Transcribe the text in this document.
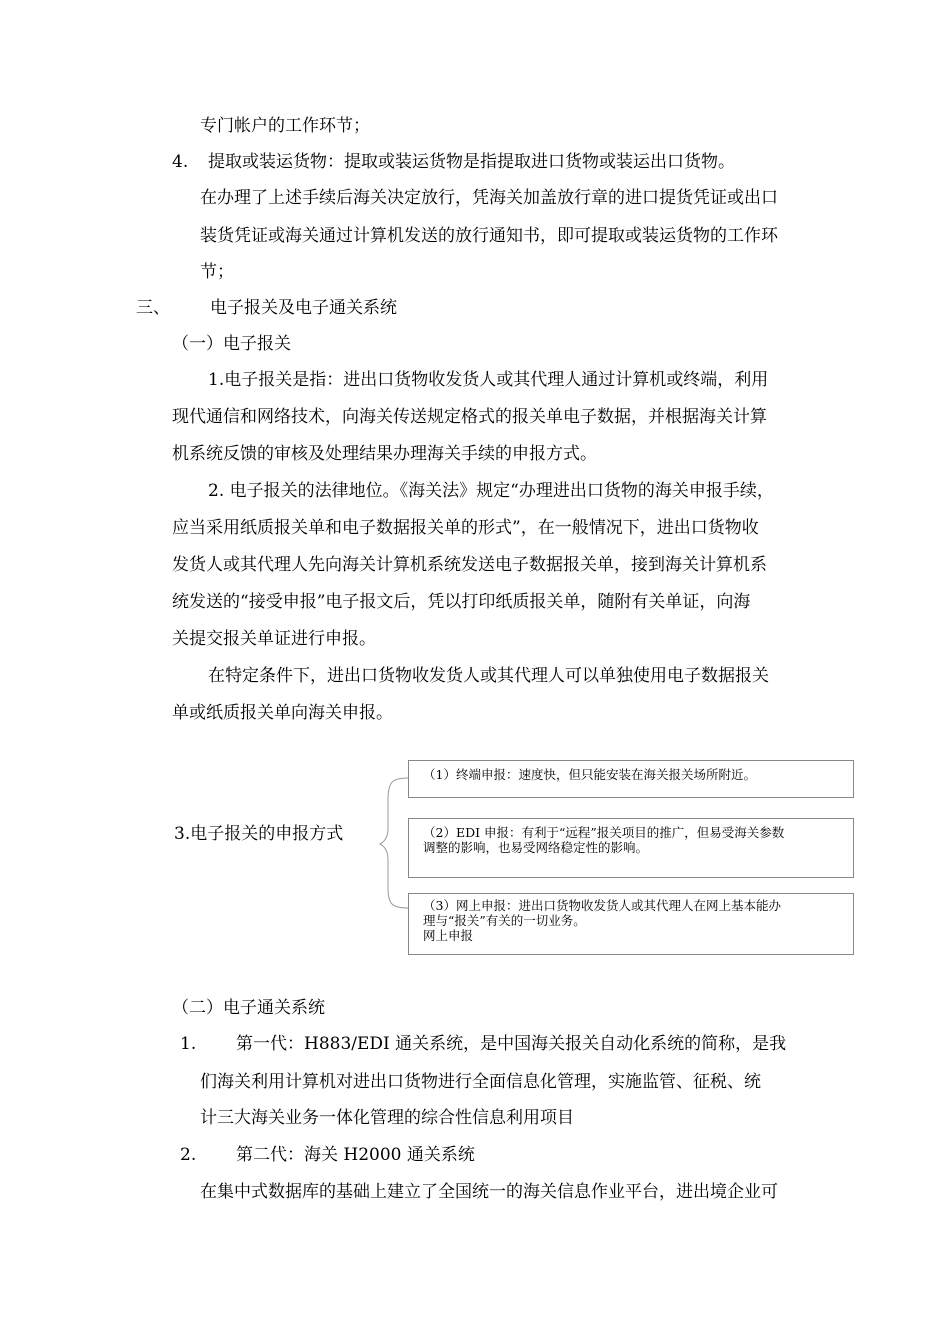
专门帐户的工作环节；
4. 提取或装运货物：提取或装运货物是指提取进口货物或装运出口货物。
在办理了上述手续后海关决定放行，凭海关加盖放行章的进口提货凭证或出口
装货凭证或海关通过计算机发送的放行通知书，即可提取或装运货物的工作环
节；
三、 电子报关及电子通关系统
（一）电子报关
1.电子报关是指：进出口货物收发货人或其代理人通过计算机或终端，利用
现代通信和网络技术，向海关传送规定格式的报关单电子数据，并根据海关计算
机系统反馈的审核及处理结果办理海关手续的申报方式。
2. 电子报关的法律地位。《海关法》规定“办理进出口货物的海关申报手续，
应当采用纸质报关单和电子数据报关单的形式”，在一般情况下，进出口货物收
发货人或其代理人先向海关计算机系统发送电子数据报关单，接到海关计算机系
统发送的“接受申报”电子报文后，凭以打印纸质报关单，随附有关单证，向海
关提交报关单证进行申报。
在特定条件下，进出口货物收发货人或其代理人可以单独使用电子数据报关
单或纸质报关单向海关申报。
3.电子报关的申报方式
（1）终端申报：速度快，但只能安装在海关报关场所附近。
（2）EDI 申报：有利于“远程”报关项目的推广，但易受海关参数
调整的影响，也易受网络稳定性的影响。
（3）网上申报：进出口货物收发货人或其代理人在网上基本能办
理与“报关”有关的一切业务。
网上申报
（二）电子通关系统
1. 第一代：H883/EDI 通关系统，是中国海关报关自动化系统的简称，是我
们海关利用计算机对进出口货物进行全面信息化管理，实施监管、征税、统
计三大海关业务一体化管理的综合性信息利用项目
2. 第二代：海关 H2000 通关系统
在集中式数据库的基础上建立了全国统一的海关信息作业平台，进出境企业可
